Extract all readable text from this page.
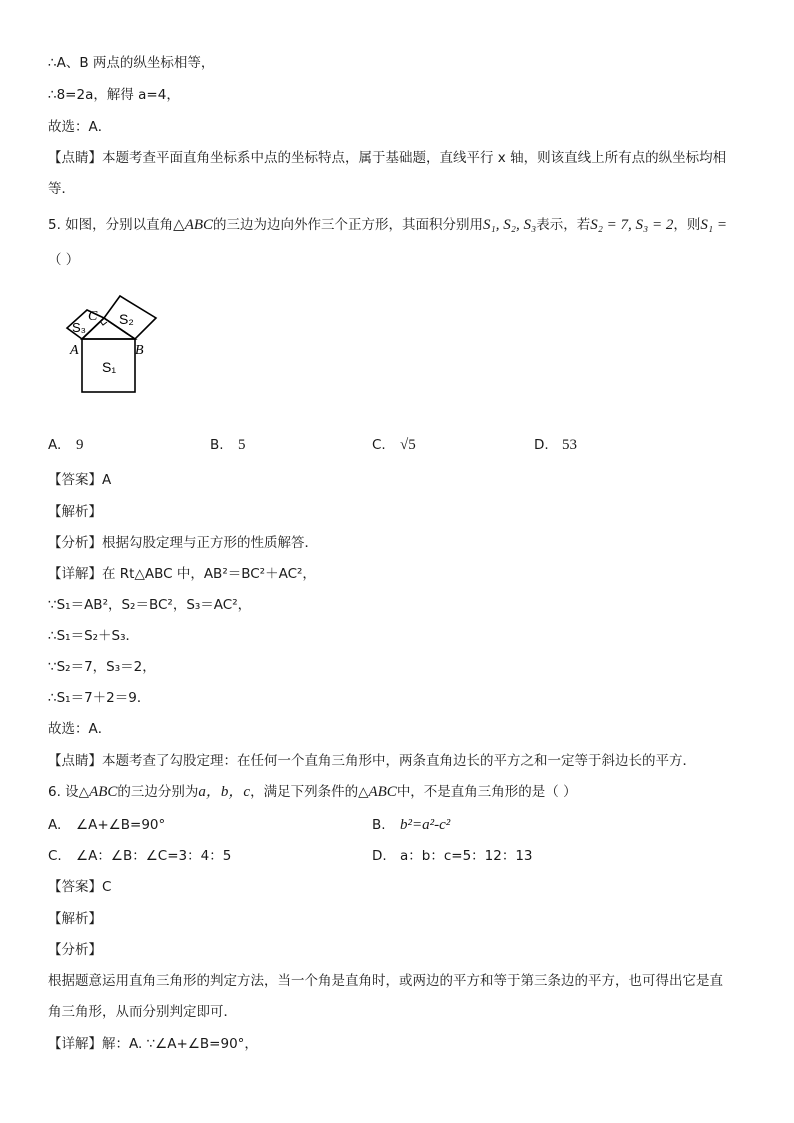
∴A、B 两点的纵坐标相等，
∴8=2a，解得 a=4，
故选：A．
【点睛】本题考查平面直角坐标系中点的坐标特点，属于基础题，直线平行 x 轴，则该直线上所有点的纵坐标均相
等．
5. 如图，分别以直角△ABC的三边为边向外作三个正方形，其面积分别用S₁, S₂, S₃表示，若S₂ = 7, S₃ = 2，则S₁ =
（ ）
C
A	B
S₁
S₂
S₃
A. 9	B. 5	C. √5	D. 53
【答案】A
【解析】
【分析】根据勾股定理与正方形的性质解答．
【详解】在 Rt△ABC 中，AB²＝BC²＋AC²，
∵S₁＝AB²，S₂＝BC²，S₃＝AC²，
∴S₁＝S₂＋S₃．
∵S₂＝7，S₃＝2，
∴S₁＝7＋2＝9．
故选：A．
【点睛】本题考查了勾股定理：在任何一个直角三角形中，两条直角边长的平方之和一定等于斜边长的平方．
6. 设△ABC的三边分别为a，b，c，满足下列条件的△ABC中，不是直角三角形的是（ ）
A. ∠A+∠B=90°	B. b²=a²-c²
C. ∠A：∠B：∠C=3：4：5	D. a：b：c=5：12：13
【答案】C
【解析】
【分析】
根据题意运用直角三角形的判定方法，当一个角是直角时，或两边的平方和等于第三条边的平方，也可得出它是直
角三角形，从而分别判定即可．
【详解】解：A. ∵∠A+∠B=90°，
